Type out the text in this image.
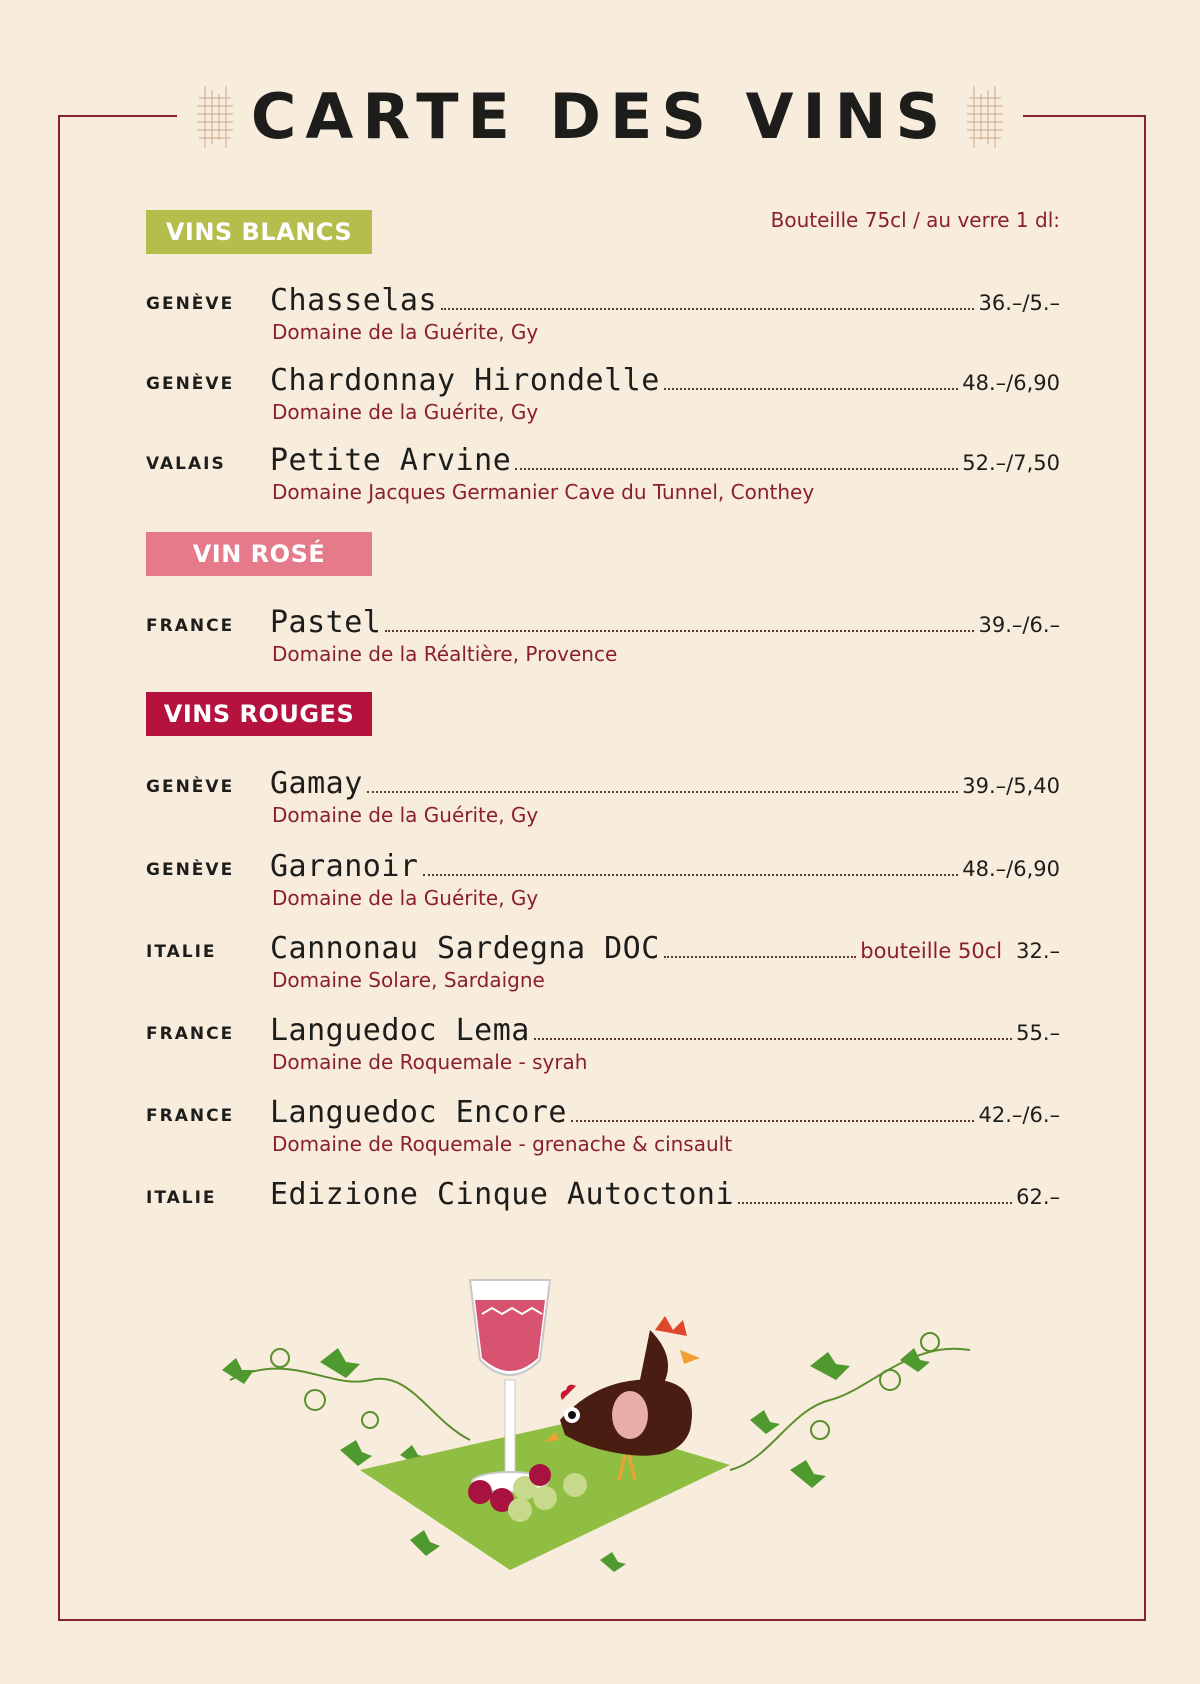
CARTE DES VINS
Bouteille 75cl / au verre 1 dl:
VINS BLANCS
GENÈVE	Chasselas	36.–/5.–
Domaine de la Guérite, Gy
GENÈVE	Chardonnay Hirondelle	48.–/6,90
Domaine de la Guérite, Gy
VALAIS	Petite Arvine	52.–/7,50
Domaine Jacques Germanier Cave du Tunnel, Conthey
VIN ROSÉ
FRANCE	Pastel	39.–/6.–
Domaine de la Réaltière, Provence
VINS ROUGES
GENÈVE	Gamay	39.–/5,40
Domaine de la Guérite, Gy
GENÈVE	Garanoir	48.–/6,90
Domaine de la Guérite, Gy
ITALIE	Cannonau Sardegna DOC	bouteille 50cl 32.–
Domaine Solare, Sardaigne
FRANCE	Languedoc Lema	55.–
Domaine de Roquemale - syrah
FRANCE	Languedoc Encore	42.–/6.–
Domaine de Roquemale - grenache & cinsault
ITALIE	Edizione Cinque Autoctoni	62.–
